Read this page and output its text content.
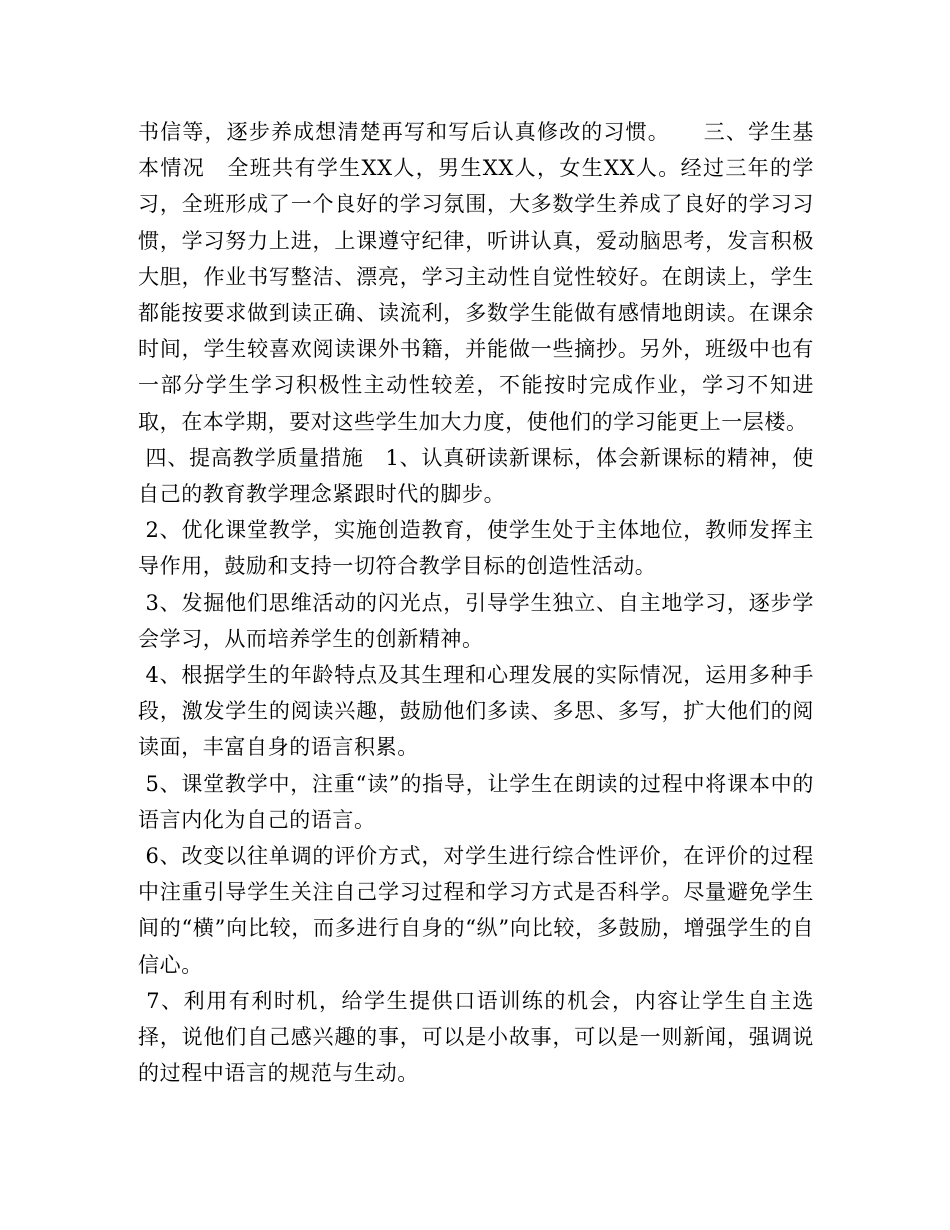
书信等，逐步养成想清楚再写和写后认真修改的习惯。　　三、学生基本情况　全班共有学生XX人，男生XX人，女生XX人。经过三年的学习，全班形成了一个良好的学习氛围，大多数学生养成了良好的学习习惯，学习努力上进，上课遵守纪律，听讲认真，爱动脑思考，发言积极大胆，作业书写整洁、漂亮，学习主动性自觉性较好。在朗读上，学生都能按要求做到读正确、读流利，多数学生能做有感情地朗读。在课余时间，学生较喜欢阅读课外书籍，并能做一些摘抄。另外，班级中也有一部分学生学习积极性主动性较差，不能按时完成作业，学习不知进取，在本学期，要对这些学生加大力度，使他们的学习能更上一层楼。

四、提高教学质量措施　1、认真研读新课标，体会新课标的精神，使自己的教育教学理念紧跟时代的脚步。

2、优化课堂教学，实施创造教育，使学生处于主体地位，教师发挥主导作用，鼓励和支持一切符合教学目标的创造性活动。

3、发掘他们思维活动的闪光点，引导学生独立、自主地学习，逐步学会学习，从而培养学生的创新精神。

4、根据学生的年龄特点及其生理和心理发展的实际情况，运用多种手段，激发学生的阅读兴趣，鼓励他们多读、多思、多写，扩大他们的阅读面，丰富自身的语言积累。

5、课堂教学中，注重“读”的指导，让学生在朗读的过程中将课本中的语言内化为自己的语言。

6、改变以往单调的评价方式，对学生进行综合性评价，在评价的过程中注重引导学生关注自己学习过程和学习方式是否科学。尽量避免学生间的“横”向比较，而多进行自身的“纵”向比较，多鼓励，增强学生的自信心。

7、利用有利时机，给学生提供口语训练的机会，内容让学生自主选择，说他们自己感兴趣的事，可以是小故事，可以是一则新闻，强调说的过程中语言的规范与生动。
